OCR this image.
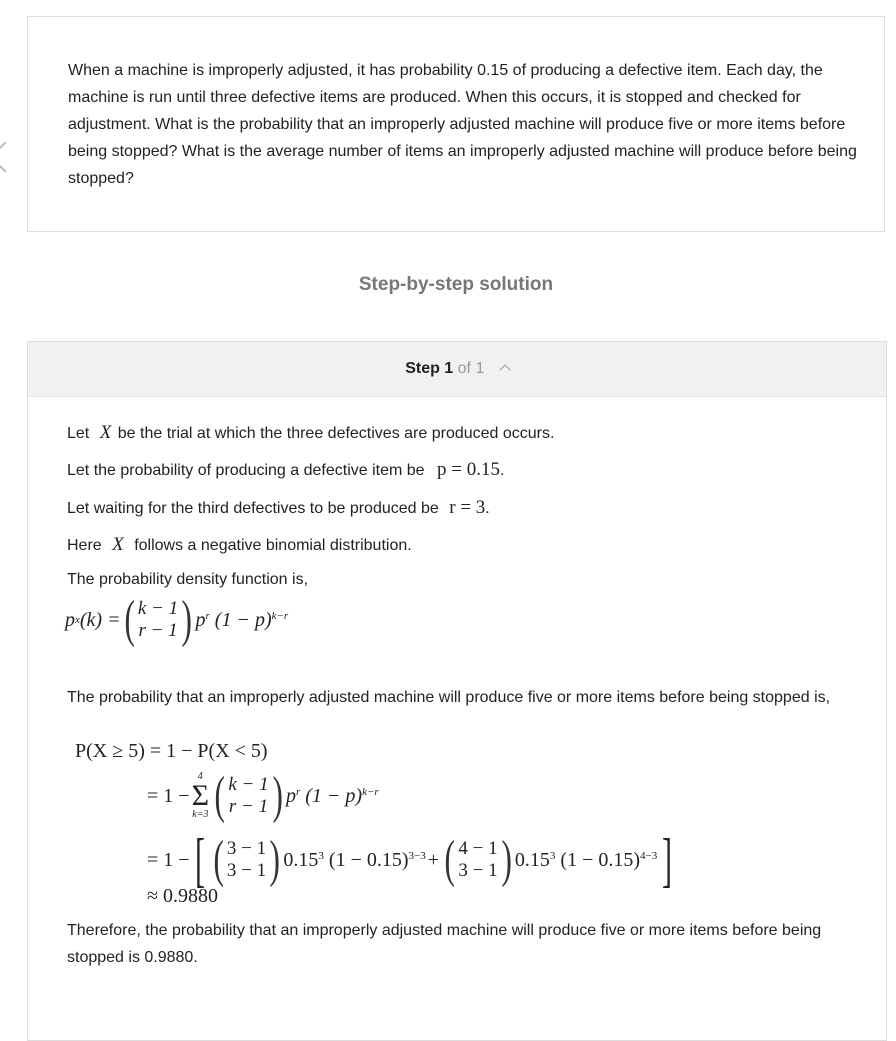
When a machine is improperly adjusted, it has probability 0.15 of producing a defective item. Each day, the machine is run until three defective items are produced. When this occurs, it is stopped and checked for adjustment. What is the probability that an improperly adjusted machine will produce five or more items before being stopped? What is the average number of items an improperly adjusted machine will produce before being stopped?
Step-by-step solution
Step 1 of 1
Let X be the trial at which the three defectives are produced occurs.
Let the probability of producing a defective item be p = 0.15.
Let waiting for the third defectives to be produced be r = 3.
Here X follows a negative binomial distribution.
The probability density function is,
p x (k) = ( k − 1
r − 1 ) $p^r$
$(1 - p)^{k-r}$
The probability that an improperly adjusted machine will produce five or more items before being stopped is,
P(X ≥ 5) = 1 − P(X < 5)
= 1 −
4
Σ
k=3 ( k − 1
r − 1 ) $p^r$
$(1 - p)^{k-r}$
= 1 − [ ( 3 − 1
3 − 1 ) 0.15$^3$
$(1 - 0.15)^{3-3}$ + ( 4 − 1
3 − 1 ) 0.15$^3$
$(1 - 0.15)^{4-3}$ ]
≈ 0.9880
Therefore, the probability that an improperly adjusted machine will produce five or more items before being stopped is 0.9880.
